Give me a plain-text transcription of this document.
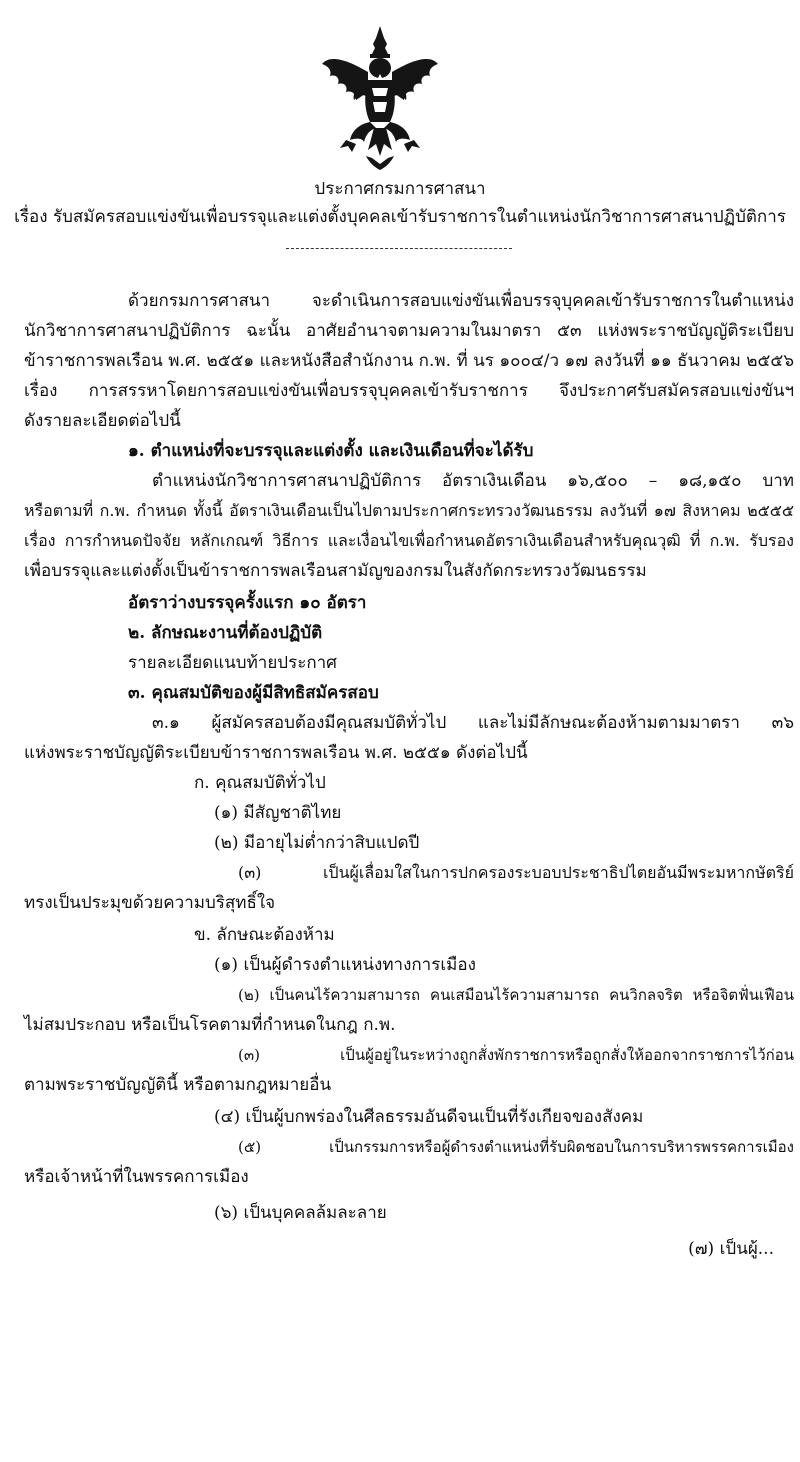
ประกาศกรมการศาสนา
เรื่อง รับสมัครสอบแข่งขันเพื่อบรรจุและแต่งตั้งบุคคลเข้ารับราชการในตำแหน่งนักวิชาการศาสนาปฏิบัติการ
ด้วยกรมการศาสนา จะดำเนินการสอบแข่งขันเพื่อบรรจุบุคคลเข้ารับราชการในตำแหน่ง
นักวิชาการศาสนาปฏิบัติการ ฉะนั้น อาศัยอำนาจตามความในมาตรา ๕๓ แห่งพระราชบัญญัติระเบียบ
ข้าราชการพลเรือน พ.ศ. ๒๕๕๑ และหนังสือสำนักงาน ก.พ. ที่ นร ๑๐๐๔/ว ๑๗ ลงวันที่ ๑๑ ธันวาคม ๒๕๕๖
เรื่อง การสรรหาโดยการสอบแข่งขันเพื่อบรรจุบุคคลเข้ารับราชการ จึงประกาศรับสมัครสอบแข่งขันฯ
ดังรายละเอียดต่อไปนี้
๑. ตำแหน่งที่จะบรรจุและแต่งตั้ง และเงินเดือนที่จะได้รับ
ตำแหน่งนักวิชาการศาสนาปฏิบัติการ อัตราเงินเดือน ๑๖,๕๐๐ – ๑๘,๑๕๐ บาท
หรือตามที่ ก.พ. กำหนด ทั้งนี้ อัตราเงินเดือนเป็นไปตามประกาศกระทรวงวัฒนธรรม ลงวันที่ ๑๗ สิงหาคม ๒๕๕๕
เรื่อง การกำหนดปัจจัย หลักเกณฑ์ วิธีการ และเงื่อนไขเพื่อกำหนดอัตราเงินเดือนสำหรับคุณวุฒิ ที่ ก.พ. รับรอง
เพื่อบรรจุและแต่งตั้งเป็นข้าราชการพลเรือนสามัญของกรมในสังกัดกระทรวงวัฒนธรรม
อัตราว่างบรรจุครั้งแรก ๑๐ อัตรา
๒. ลักษณะงานที่ต้องปฏิบัติ
รายละเอียดแนบท้ายประกาศ
๓. คุณสมบัติของผู้มีสิทธิสมัครสอบ
๓.๑ ผู้สมัครสอบต้องมีคุณสมบัติทั่วไป และไม่มีลักษณะต้องห้ามตามมาตรา ๓๖
แห่งพระราชบัญญัติระเบียบข้าราชการพลเรือน พ.ศ. ๒๕๕๑ ดังต่อไปนี้
ก. คุณสมบัติทั่วไป
(๑) มีสัญชาติไทย
(๒) มีอายุไม่ต่ำกว่าสิบแปดปี
(๓) เป็นผู้เลื่อมใสในการปกครองระบอบประชาธิปไตยอันมีพระมหากษัตริย์
ทรงเป็นประมุขด้วยความบริสุทธิ์ใจ
ข. ลักษณะต้องห้าม
(๑) เป็นผู้ดำรงตำแหน่งทางการเมือง
(๒) เป็นคนไร้ความสามารถ คนเสมือนไร้ความสามารถ คนวิกลจริต หรือจิตฟั่นเฟือน
ไม่สมประกอบ หรือเป็นโรคตามที่กำหนดในกฎ ก.พ.
(๓) เป็นผู้อยู่ในระหว่างถูกสั่งพักราชการหรือถูกสั่งให้ออกจากราชการไว้ก่อน
ตามพระราชบัญญัตินี้ หรือตามกฎหมายอื่น
(๔) เป็นผู้บกพร่องในศีลธรรมอันดีจนเป็นที่รังเกียจของสังคม
(๕) เป็นกรรมการหรือผู้ดำรงตำแหน่งที่รับผิดชอบในการบริหารพรรคการเมือง
หรือเจ้าหน้าที่ในพรรคการเมือง
(๖) เป็นบุคคลล้มละลาย
(๗) เป็นผู้...
